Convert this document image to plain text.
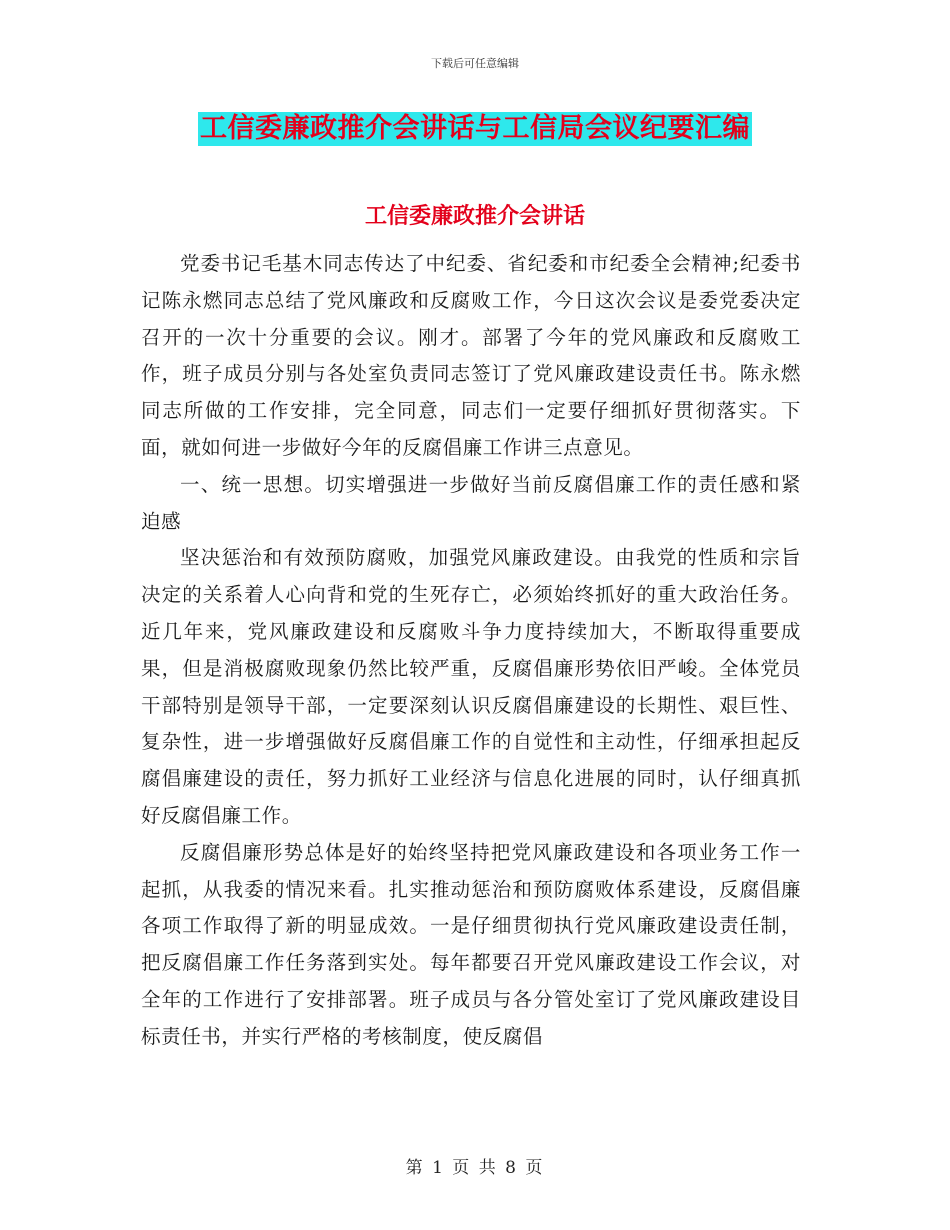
下载后可任意编辑
工信委廉政推介会讲话与工信局会议纪要汇编
工信委廉政推介会讲话

党委书记毛基木同志传达了中纪委、省纪委和市纪委全会精神;纪委书记陈永燃同志总结了党风廉政和反腐败工作，今日这次会议是委党委决定召开的一次十分重要的会议。刚才。部署了今年的党风廉政和反腐败工作，班子成员分别与各处室负责同志签订了党风廉政建设责任书。陈永燃同志所做的工作安排，完全同意，同志们一定要仔细抓好贯彻落实。下面，就如何进一步做好今年的反腐倡廉工作讲三点意见。

一、统一思想。切实增强进一步做好当前反腐倡廉工作的责任感和紧迫感

坚决惩治和有效预防腐败，加强党风廉政建设。由我党的性质和宗旨决定的关系着人心向背和党的生死存亡，必须始终抓好的重大政治任务。近几年来，党风廉政建设和反腐败斗争力度持续加大，不断取得重要成果，但是消极腐败现象仍然比较严重，反腐倡廉形势依旧严峻。全体党员干部特别是领导干部，一定要深刻认识反腐倡廉建设的长期性、艰巨性、复杂性，进一步增强做好反腐倡廉工作的自觉性和主动性，仔细承担起反腐倡廉建设的责任，努力抓好工业经济与信息化进展的同时，认仔细真抓好反腐倡廉工作。

反腐倡廉形势总体是好的始终坚持把党风廉政建设和各项业务工作一起抓，从我委的情况来看。扎实推动惩治和预防腐败体系建设，反腐倡廉各项工作取得了新的明显成效。一是仔细贯彻执行党风廉政建设责任制，把反腐倡廉工作任务落到实处。每年都要召开党风廉政建设工作会议，对全年的工作进行了安排部署。班子成员与各分管处室订了党风廉政建设目标责任书，并实行严格的考核制度，使反腐倡

第 1 页 共 8 页
